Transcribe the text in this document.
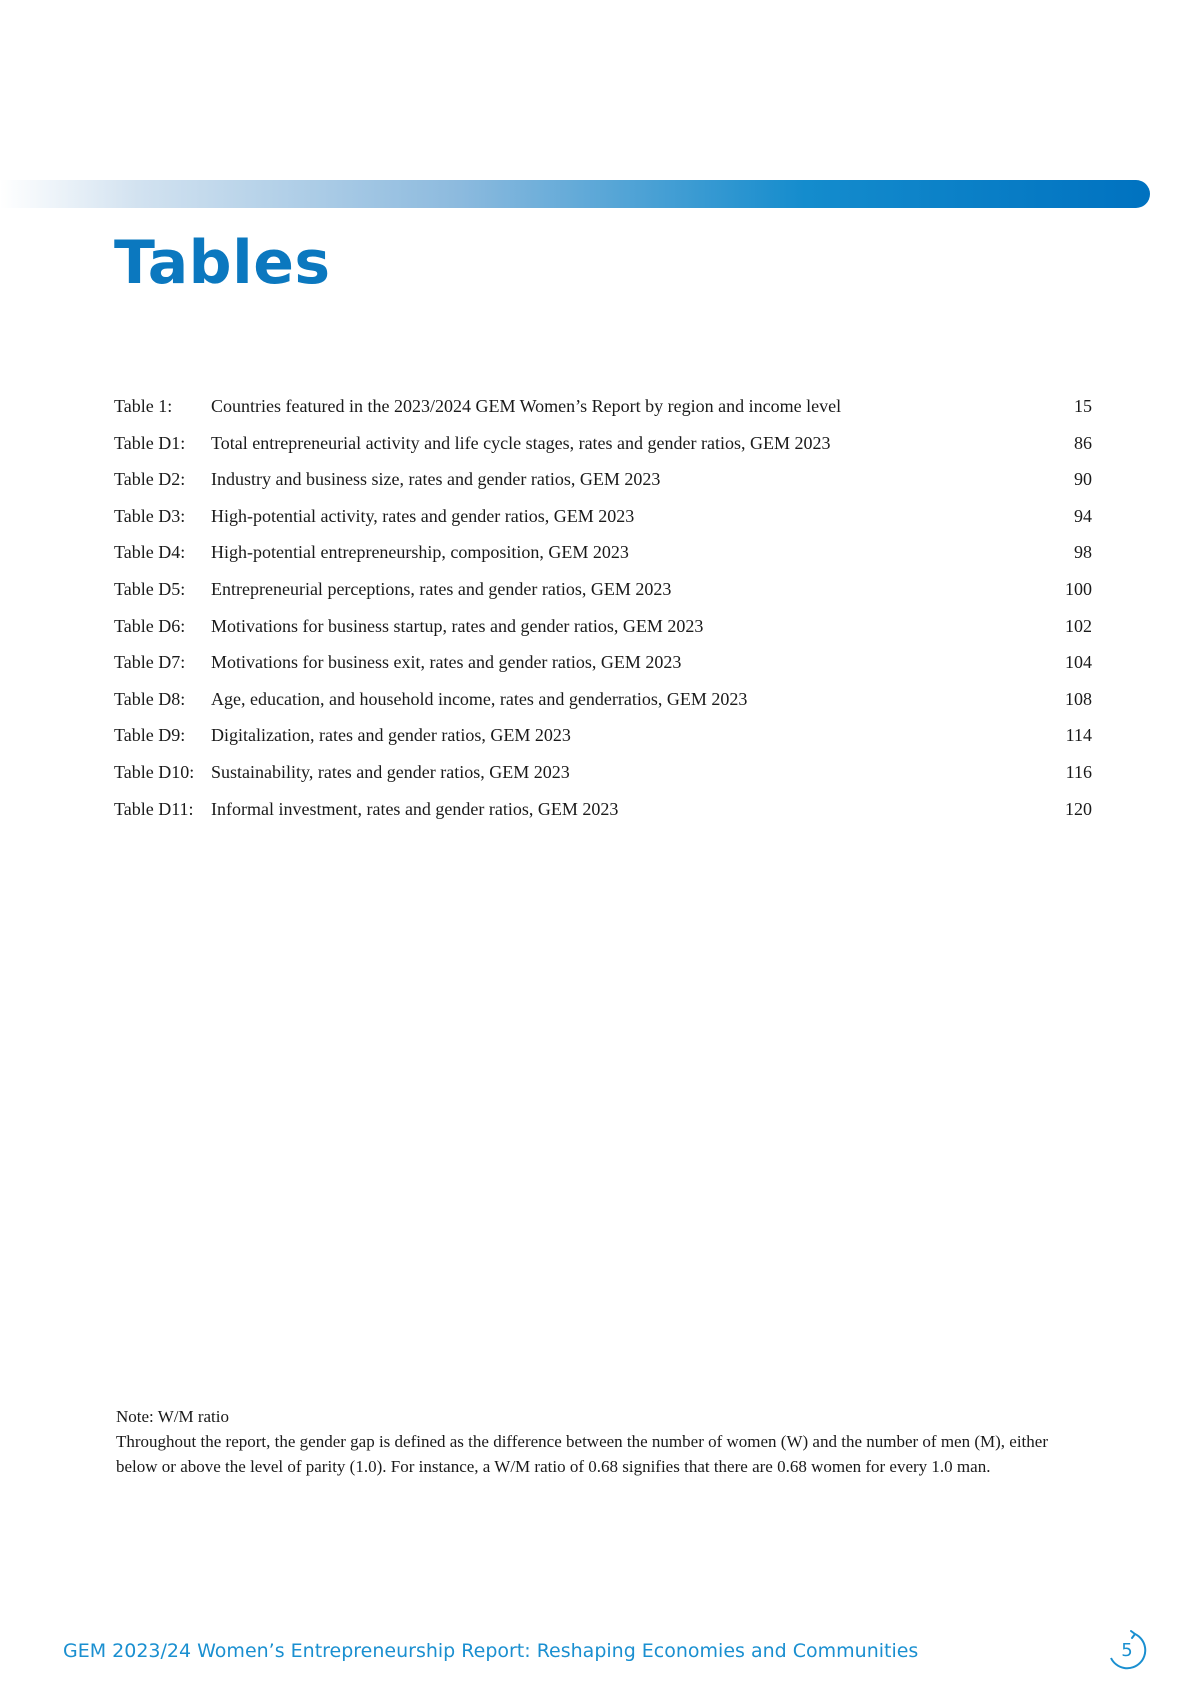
Tables
Table 1: Countries featured in the 2023/2024 GEM Women’s Report by region and income level	15
Table D1: Total entrepreneurial activity and life cycle stages, rates and gender ratios, GEM 2023	86
Table D2: Industry and business size, rates and gender ratios, GEM 2023	90
Table D3: High-potential activity, rates and gender ratios, GEM 2023	94
Table D4: High-potential entrepreneurship, composition, GEM 2023	98
Table D5: Entrepreneurial perceptions, rates and gender ratios, GEM 2023	100
Table D6: Motivations for business startup, rates and gender ratios, GEM 2023	102
Table D7: Motivations for business exit, rates and gender ratios, GEM 2023	104
Table D8: Age, education, and household income, rates and genderratios, GEM 2023	108
Table D9: Digitalization, rates and gender ratios, GEM 2023	114
Table D10: Sustainability, rates and gender ratios, GEM 2023	116
Table D11: Informal investment, rates and gender ratios, GEM 2023	120

Note: W/M ratio

Throughout the report, the gender gap is defined as the difference between the number of women (W) and the number of men (M), either below or above the level of parity (1.0). For instance, a W/M ratio of 0.68 signifies that there are 0.68 women for every 1.0 man.

GEM 2023/24 Women’s Entrepreneurship Report: Reshaping Economies and Communities	5
